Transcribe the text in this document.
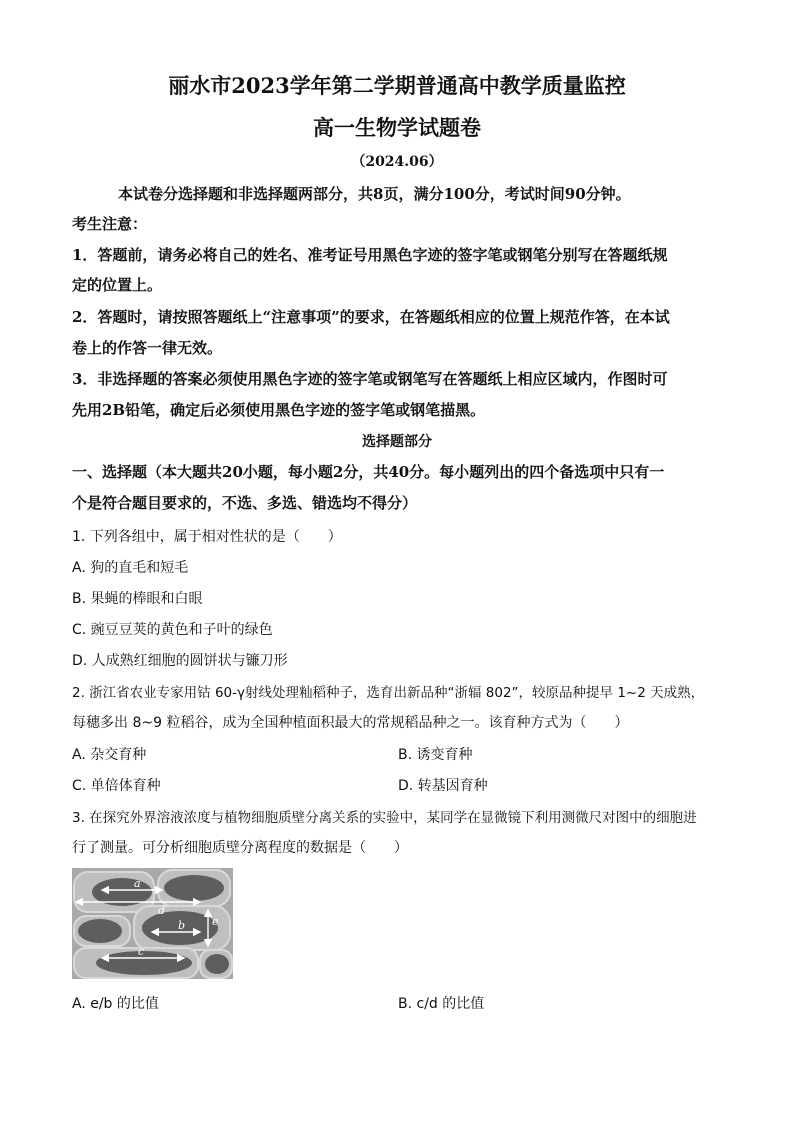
丽水市2023学年第二学期普通高中教学质量监控
高一生物学试题卷
（2024.06）
本试卷分选择题和非选择题两部分，共8页，满分100分，考试时间90分钟。
考生注意：
1．答题前，请务必将自己的姓名、准考证号用黑色字迹的签字笔或钢笔分别写在答题纸规
定的位置上。
2．答题时，请按照答题纸上“注意事项”的要求，在答题纸相应的位置上规范作答，在本试
卷上的作答一律无效。
3．非选择题的答案必须使用黑色字迹的签字笔或钢笔写在答题纸上相应区域内，作图时可
先用2B铅笔，确定后必须使用黑色字迹的签字笔或钢笔描黑。
选择题部分
一、选择题（本大题共20小题，每小题2分，共40分。每小题列出的四个备选项中只有一
个是符合题目要求的，不选、多选、错选均不得分）
1. 下列各组中，属于相对性状的是（　　）
A. 狗的直毛和短毛
B. 果蝇的棒眼和白眼
C. 豌豆豆荚的黄色和子叶的绿色
D. 人成熟红细胞的圆饼状与镰刀形
2. 浙江省农业专家用钴 60-γ射线处理籼稻种子，选育出新品种“浙辐 802”，较原品种提早 1~2 天成熟，
每穗多出 8~9 粒稻谷，成为全国种植面积最大的常规稻品种之一。该育种方式为（　　）
A. 杂交育种	B. 诱变育种
C. 单倍体育种	D. 转基因育种
3. 在探究外界溶液浓度与植物细胞质壁分离关系的实验中，某同学在显微镜下利用测微尺对图中的细胞进
行了测量。可分析细胞质壁分离程度的数据是（　　）
a
d
b e
c
A. e/b 的比值	B. c/d 的比值
